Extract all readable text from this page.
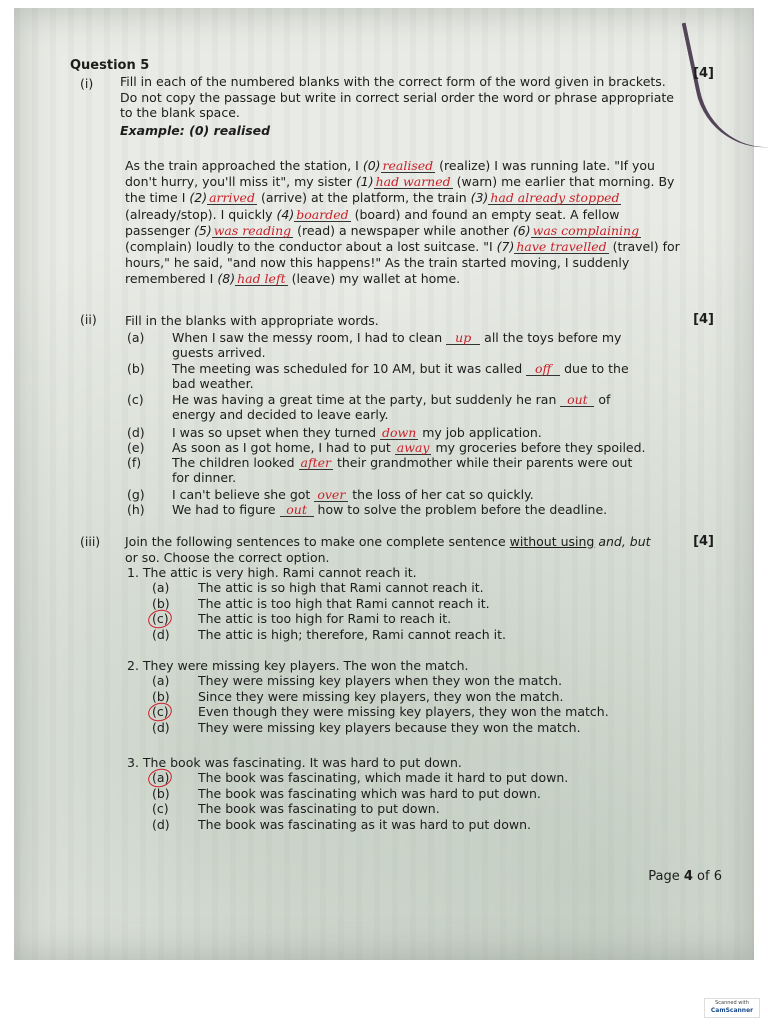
Question 5
(i)
[4]

Fill in each of the numbered blanks with the correct form of the word given in brackets. Do not copy the passage but write in correct serial order the word or phrase appropriate to the blank space.

Example: (0) realised

As the train approached the station, I (0) realised (realize) I was running late. "If you don't hurry, you'll miss it", my sister (1) had warned (warn) me earlier that morning. By the time I (2) arrived (arrive) at the platform, the train (3) had already stopped (already/stop). I quickly (4) boarded (board) and found an empty seat. A fellow passenger (5) was reading (read) a newspaper while another (6) was complaining (complain) loudly to the conductor about a lost suitcase. "I (7) have travelled (travel) for hours," he said, "and now this happens!" As the train started moving, I suddenly remembered I (8) had left (leave) my wallet at home.
(ii)	[4]
Fill in the blanks with appropriate words.
(a) When I saw the messy room, I had to clean up all the toys before my guests arrived.
(b) The meeting was scheduled for 10 AM, but it was called off due to the bad weather.
(c) He was having a great time at the party, but suddenly he ran out of energy and decided to leave early.
(d) I was so upset when they turned down my job application.
(e) As soon as I got home, I had to put away my groceries before they spoiled.
(f) The children looked after their grandmother while their parents were out for dinner.
(g) I can't believe she got over the loss of her cat so quickly.
(h) We had to figure out how to solve the problem before the deadline.
(iii)	[4]
Join the following sentences to make one complete sentence without using and, but
or so. Choose the correct option.
1. The attic is very high. Rami cannot reach it.
(a) The attic is so high that Rami cannot reach it.
(b) The attic is too high that Rami cannot reach it.
(c) The attic is too high for Rami to reach it.
(d) The attic is high; therefore, Rami cannot reach it.
2. They were missing key players. The won the match.
(a) They were missing key players when they won the match.
(b) Since they were missing key players, they won the match.
(c) Even though they were missing key players, they won the match.
(d) They were missing key players because they won the match.
3. The book was fascinating. It was hard to put down.
(a) The book was fascinating, which made it hard to put down.
(b) The book was fascinating which was hard to put down.
(c) The book was fascinating to put down.
(d) The book was fascinating as it was hard to put down.
Page 4 of 6
Scanned with
CamScanner
